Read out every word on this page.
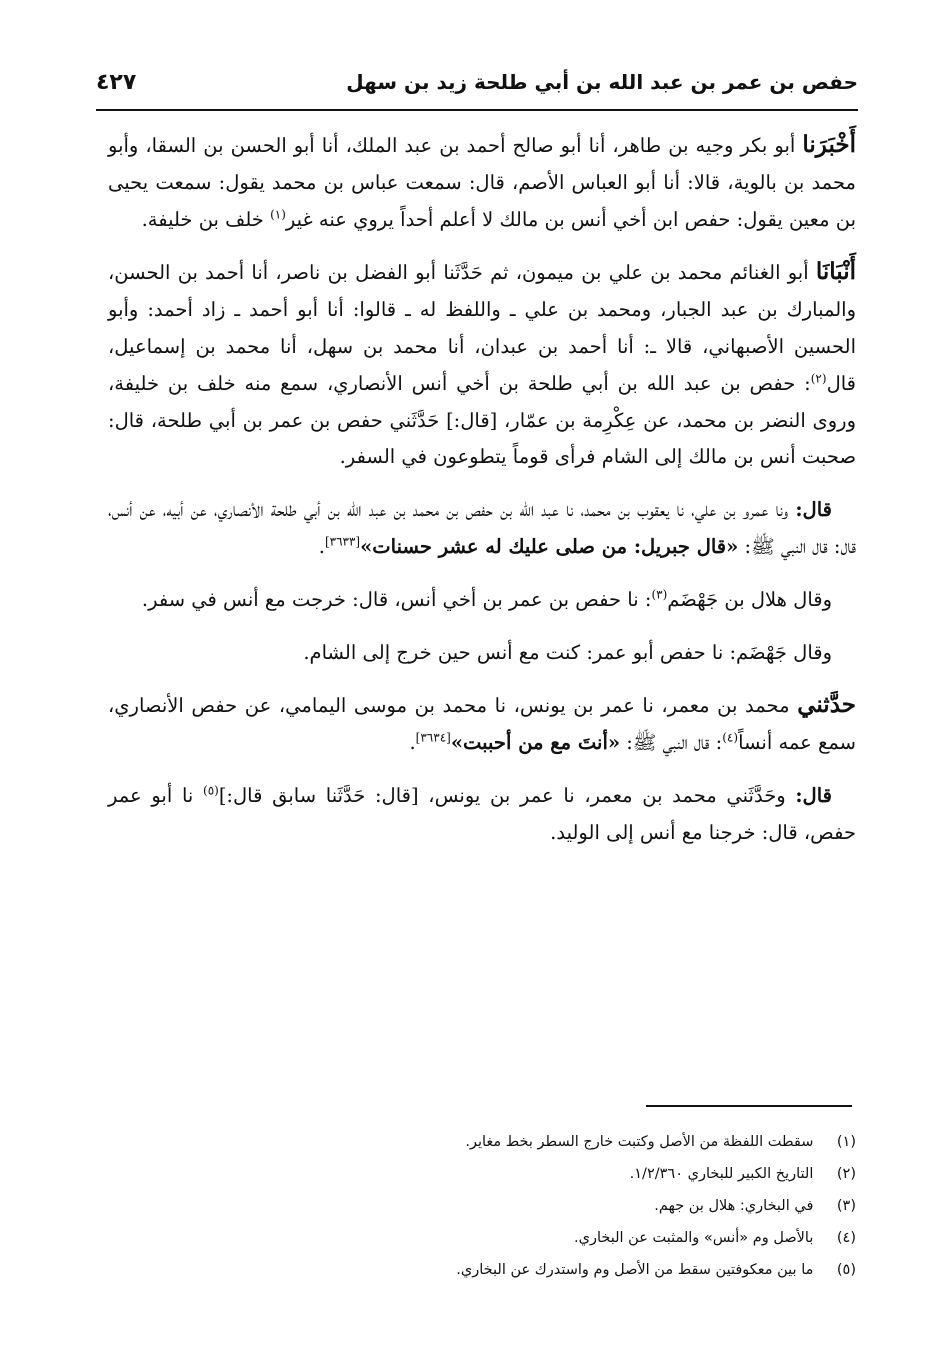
حفص بن عمر بن عبد الله بن أبي طلحة زيد بن سهل
٤٢٧

أَخْبَرَنا أبو بكر وجيه بن طاهر، أنا أبو صالح أحمد بن عبد الملك، أنا أبو الحسن بن السقا، وأبو محمد بن بالوية، قالا: أنا أبو العباس الأصم، قال: سمعت عباس بن محمد يقول: سمعت يحيى بن معين يقول: حفص ابن أخي أنس بن مالك لا أعلم أحداً يروي عنه غير$^{(١)}$ خلف بن خليفة.

أَنْبَانَا أبو الغنائم محمد بن علي بن ميمون، ثم حَدَّثَنا أبو الفضل بن ناصر، أنا أحمد بن الحسن، والمبارك بن عبد الجبار، ومحمد بن علي ـ واللفظ له ـ قالوا: أنا أبو أحمد ـ زاد أحمد: وأبو الحسين الأصبهاني، قالا ـ: أنا أحمد بن عبدان، أنا محمد بن سهل، أنا محمد بن إسماعيل، قال$^{(٢)}$: حفص بن عبد الله بن أبي طلحة بن أخي أنس الأنصاري، سمع منه خلف بن خليفة، وروى النضر بن محمد، عن عِكْرِمة بن عمّار، [قال:] حَدَّثَني حفص بن عمر بن أبي طلحة، قال: صحبت أنس بن مالك إلى الشام فرأى قوماً يتطوعون في السفر.

قال: ونا عمرو بن علي، نا يعقوب بن محمد، نا عبد الله بن حفص بن محمد بن عبد الله بن أبي طلحة الأنصاري، عن أبيه، عن أنس، قال: قال النبي ﷺ: «قال جبريل: من صلى عليك له عشر حسنات»[٣٦٣٣].

وقال هلال بن جَهْضَم$^{(٣)}$: نا حفص بن عمر بن أخي أنس، قال: خرجت مع أنس في سفر.

وقال جَهْضَم: نا حفص أبو عمر: كنت مع أنس حين خرج إلى الشام.

حدَّثني محمد بن معمر، نا عمر بن يونس، نا محمد بن موسى اليمامي، عن حفص الأنصاري، سمع عمه أنساً$^{(٤)}$: قال النبي ﷺ: «أنتَ مع من أحببت»[٣٦٣٤].

قال: وحَدَّثَني محمد بن معمر، نا عمر بن يونس، [قال: حَدَّثَنا سابق قال:]$^{(٥)}$ نا أبو عمر حفص، قال: خرجنا مع أنس إلى الوليد.

(١) سقطت اللفظة من الأصل وكتبت خارج السطر بخط مغاير.
(٢) التاريخ الكبير للبخاري ١/٢/٣٦٠.
(٣) في البخاري: هلال بن جهم.
(٤) بالأصل وم «أنس» والمثبت عن البخاري.
(٥) ما بين معكوفتين سقط من الأصل وم واستدرك عن البخاري.
